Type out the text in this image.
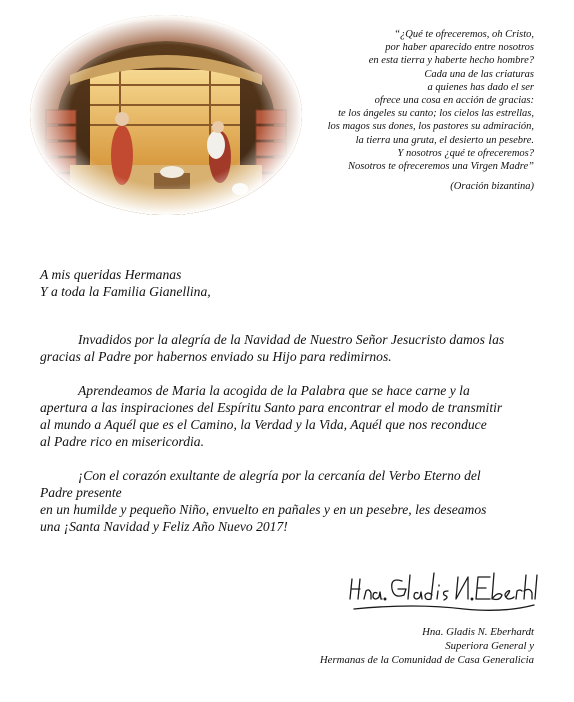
“¿Qué te ofreceremos, oh Cristo,
por haber aparecido entre nosotros
en esta tierra y haberte hecho hombre?
Cada una de las criaturas
a quienes has dado el ser
ofrece una cosa en acción de gracias:
te los ángeles su canto; los cielos las estrellas,
los magos sus dones, los pastores su admiración,
la tierra una gruta, el desierto un pesebre.
Y nosotros ¿qué te ofreceremos?
Nosotros te ofreceremos una Virgen Madre”
(Oración bizantina)
A mis queridas Hermanas
Y a toda la Familia Gianellina,

Invadidos por la alegría de la Navidad de Nuestro Señor Jesucristo damos las
gracias al Padre por habernos enviado su Hijo para redimirnos.

Aprendeamos de Maria la acogida de la Palabra que se hace carne y la
apertura a las inspiraciones del Espíritu Santo para encontrar el modo de transmitir
al mundo a Aquél que es el Camino, la Verdad y la Vida, Aquél que nos reconduce
al Padre rico en misericordia.

¡Con el corazón exultante de alegría por la cercanía del Verbo Eterno del
Padre presente
en un humilde y pequeño Niño, envuelto en pañales y en un pesebre, les deseamos
una ¡Santa Navidad y Feliz Año Nuevo 2017!

Hna. Gladis N. Eberhardt
Superiora General y
Hermanas de la Comunidad de Casa Generalicia
